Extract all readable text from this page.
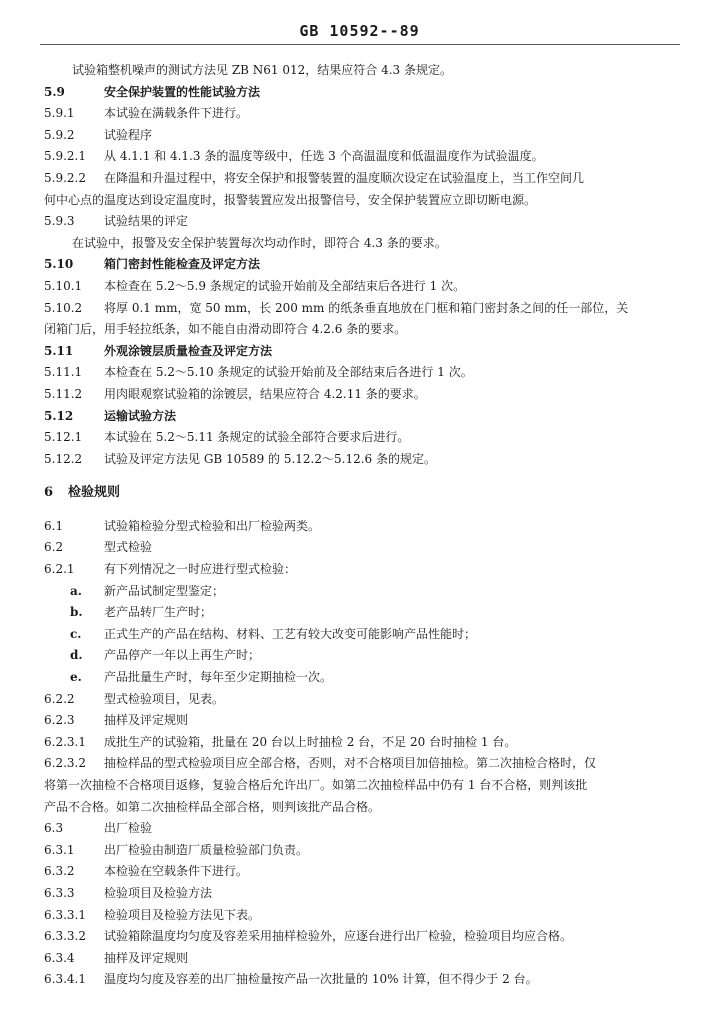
GB 10592--89
试验箱整机噪声的测试方法见 ZB N61 012，结果应符合 4.3 条规定。
5.9	安全保护装置的性能试验方法
5.9.1 本试验在满载条件下进行。
5.9.2 试验程序
5.9.2.1 从 4.1.1 和 4.1.3 条的温度等级中，任选 3 个高温温度和低温温度作为试验温度。
5.9.2.2 在降温和升温过程中，将安全保护和报警装置的温度顺次设定在试验温度上，当工作空间几
何中心点的温度达到设定温度时，报警装置应发出报警信号，安全保护装置应立即切断电源。
5.9.3 试验结果的评定
在试验中，报警及安全保护装置每次均动作时，即符合 4.3 条的要求。
5.10	箱门密封性能检查及评定方法
5.10.1 本检查在 5.2～5.9 条规定的试验开始前及全部结束后各进行 1 次。
5.10.2 将厚 0.1 mm，宽 50 mm，长 200 mm 的纸条垂直地放在门框和箱门密封条之间的任一部位，关
闭箱门后，用手轻拉纸条，如不能自由滑动即符合 4.2.6 条的要求。
5.11	外观涂镀层质量检查及评定方法
5.11.1 本检查在 5.2～5.10 条规定的试验开始前及全部结束后各进行 1 次。
5.11.2 用肉眼观察试验箱的涂镀层，结果应符合 4.2.11 条的要求。
5.12	运输试验方法
5.12.1 本试验在 5.2～5.11 条规定的试验全部符合要求后进行。
5.12.2 试验及评定方法见 GB 10589 的 5.12.2～5.12.6 条的规定。
6 检验规则
6.1	试验箱检验分型式检验和出厂检验两类。
6.2	型式检验
6.2.1 有下列情况之一时应进行型式检验：
a. 新产品试制定型鉴定；
b. 老产品转厂生产时；
c. 正式生产的产品在结构、材料、工艺有较大改变可能影响产品性能时；
d. 产品停产一年以上再生产时；
e. 产品批量生产时，每年至少定期抽检一次。
6.2.2 型式检验项目，见表。
6.2.3 抽样及评定规则
6.2.3.1 成批生产的试验箱，批量在 20 台以上时抽检 2 台，不足 20 台时抽检 1 台。
6.2.3.2 抽检样品的型式检验项目应全部合格，否则，对不合格项目加倍抽检。第二次抽检合格时，仅
将第一次抽检不合格项目返修，复验合格后允许出厂。如第二次抽检样品中仍有 1 台不合格，则判该批
产品不合格。如第二次抽检样品全部合格，则判该批产品合格。
6.3	出厂检验
6.3.1 出厂检验由制造厂质量检验部门负责。
6.3.2 本检验在空载条件下进行。
6.3.3 检验项目及检验方法
6.3.3.1 检验项目及检验方法见下表。
6.3.3.2 试验箱除温度均匀度及容差采用抽样检验外，应逐台进行出厂检验，检验项目均应合格。
6.3.4 抽样及评定规则
6.3.4.1 温度均匀度及容差的出厂抽检量按产品一次批量的 10% 计算，但不得少于 2 台。
